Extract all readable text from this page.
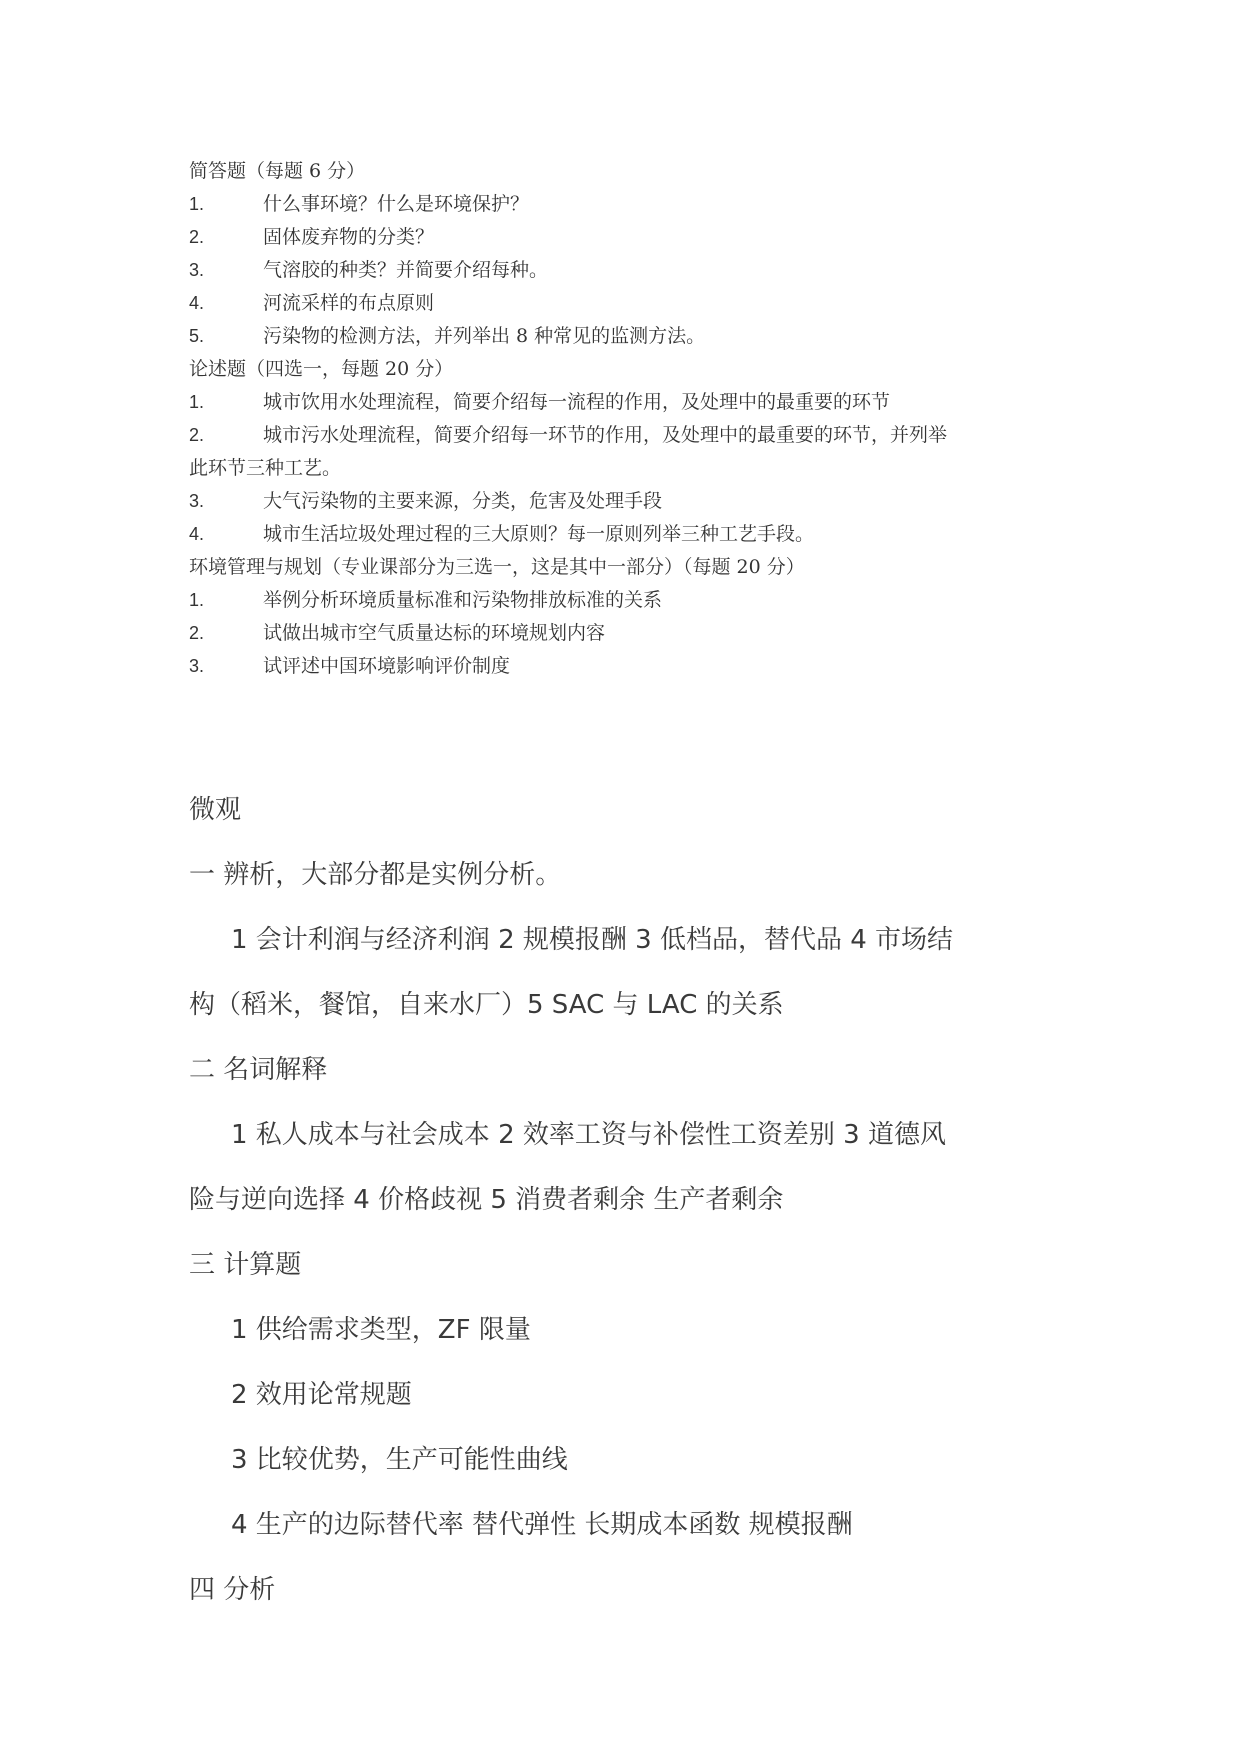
简答题（每题 6 分）
1.	什么事环境？什么是环境保护？
2.	固体废弃物的分类？
3.	气溶胶的种类？并简要介绍每种。
4.	河流采样的布点原则
5.	污染物的检测方法，并列举出 8 种常见的监测方法。
论述题（四选一，每题 20 分）
1.	城市饮用水处理流程，简要介绍每一流程的作用，及处理中的最重要的环节
2.	城市污水处理流程，简要介绍每一环节的作用，及处理中的最重要的环节，并列举
此环节三种工艺。
3.	大气污染物的主要来源，分类，危害及处理手段
4.	城市生活垃圾处理过程的三大原则？每一原则列举三种工艺手段。
环境管理与规划（专业课部分为三选一，这是其中一部分）（每题 20 分）
1.	举例分析环境质量标准和污染物排放标准的关系
2.	试做出城市空气质量达标的环境规划内容
3.	试评述中国环境影响评价制度
微观
一 辨析，大部分都是实例分析。
1 会计利润与经济利润 2 规模报酬 3 低档品，替代品 4 市场结
构（稻米，餐馆，自来水厂）5 SAC 与 LAC 的关系
二 名词解释
1 私人成本与社会成本 2 效率工资与补偿性工资差别 3 道德风
险与逆向选择 4 价格歧视 5 消费者剩余 生产者剩余
三 计算题
1 供给需求类型，ZF 限量
2 效用论常规题
3 比较优势，生产可能性曲线
4 生产的边际替代率 替代弹性 长期成本函数 规模报酬
四 分析
